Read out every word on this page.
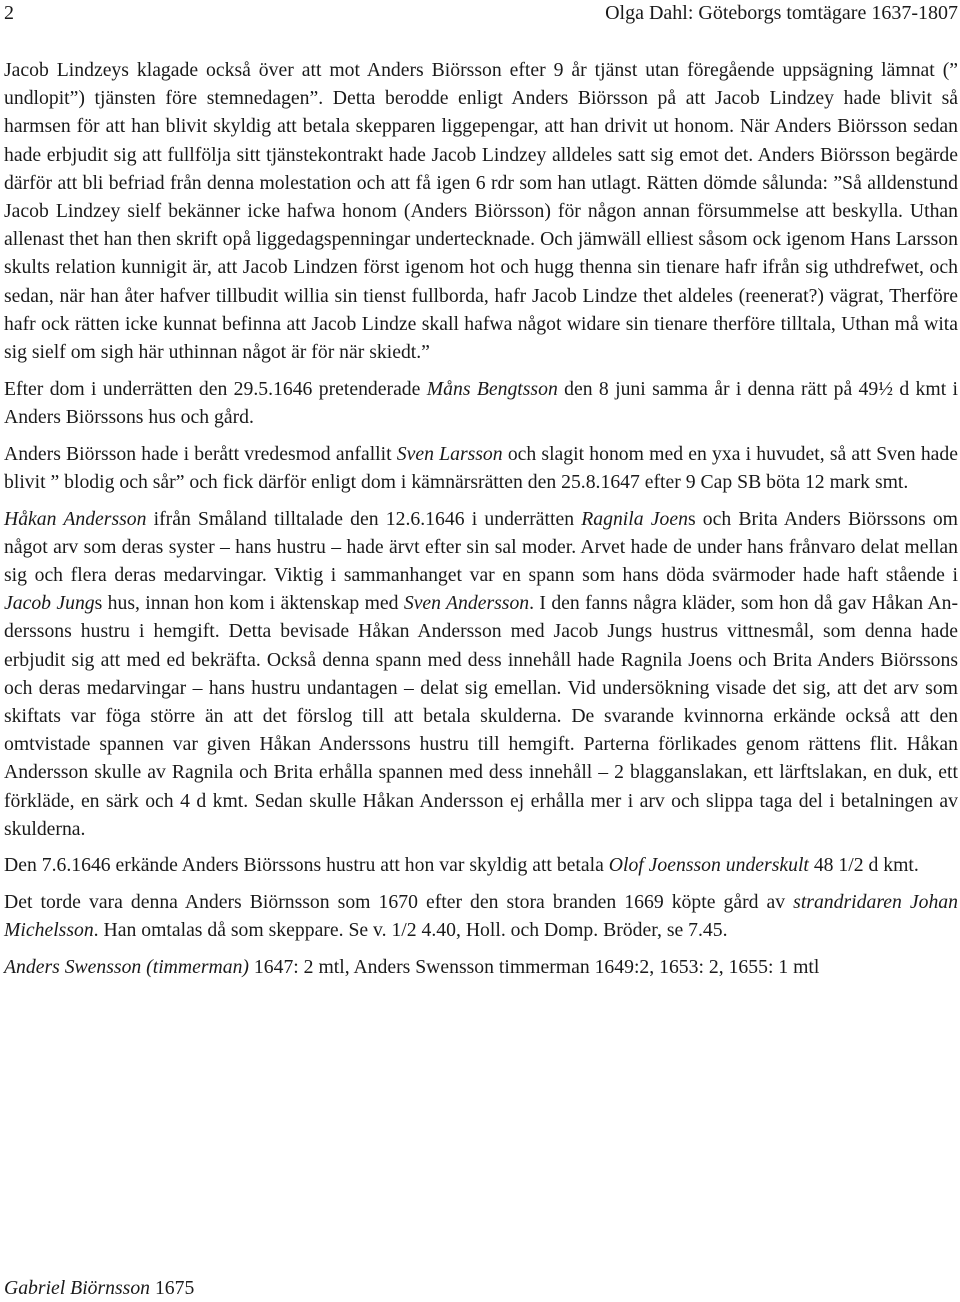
2	Olga Dahl: Göteborgs tomtägare 1637-1807

Jacob Lindzeys klagade också över att mot Anders Biörsson efter 9 år tjänst utan föregående uppsägning lämnat (” undlopit”) tjänsten före stemnedagen”. Detta berodde enligt Anders Biörsson på att Jacob Lindzey hade blivit så harmsen för att han blivit skyldig att betala skepparen liggepengar, att han drivit ut honom. När Anders Biörsson sedan hade erbjudit sig att fullfölja sitt tjänstekontrakt hade Jacob Lindzey alldeles satt sig emot det. Anders Biörsson begärde därför att bli befriad från denna molestation och att få igen 6 rdr som han utlagt. Rätten dömde sålunda: ”Så alldenstund Jacob Lindzey sielf bekänner icke hafwa honom (Anders Biörsson) för någon annan försummelse att beskylla. Uthan allenast thet han then skrift opå liggedagspenningar undertecknade. Och jämwäll elliest såsom ock igenom Hans Larsson skults relation kunnigit är, att Jacob Lindzen först igenom hot och hugg thenna sin tienare hafr ifrån sig uthdrefwet, och sedan, när han åter hafver tillbudit willia sin tienst fullborda, hafr Jacob Lindze thet aldeles (reenerat?) vägrat, Therföre hafr ock rätten icke kunnat befinna att Jacob Lindze skall hafwa något widare sin tienare therföre tilltala, Uthan må wita sig sielf om sigh här uthinnan något är för när skiedt.”

Efter dom i underrätten den 29.5.1646 pretenderade Måns Bengtsson den 8 juni samma år i denna rätt på 49½ d kmt i Anders Biörssons hus och gård.

Anders Biörsson hade i berått vredesmod anfallit Sven Larsson och slagit honom med en yxa i huvudet, så att Sven hade blivit ” blodig och sår” och fick därför enligt dom i kämnärsrätten den 25.8.1647 efter 9 Cap SB böta 12 mark smt.

Håkan Andersson ifrån Småland tilltalade den 12.6.1646 i underrätten Ragnila Joens och Brita Anders Biörssons om något arv som deras syster – hans hustru – hade ärvt efter sin sal moder. Arvet hade de under hans frånvaro delat mellan sig och flera deras medarvingar. Viktig i sammanhanget var en spann som hans döda svärmoder hade haft stående i Jacob Jungs hus, innan hon kom i äktenskap med Sven Andersson. I den fanns några kläder, som hon då gav Håkan Anderssons hustru i hemgift. Detta bevisade Håkan Andersson med Jacob Jungs hustrus vittnesmål, som denna hade erbjudit sig att med ed bekräfta. Också denna spann med dess innehåll hade Ragnila Joens och Brita Anders Biörssons och deras medarvingar – hans hustru undantagen – delat sig emellan. Vid undersökning visade det sig, att det arv som skiftats var föga större än att det förslog till att betala skulderna. De svarande kvinnorna erkände också att den omtvistade spannen var given Håkan Anderssons hustru till hemgift. Parterna förlikades genom rättens flit. Håkan Andersson skulle av Ragnila och Brita erhålla spannen med dess innehåll – 2 blagganslakan, ett lärftslakan, en duk, ett förkläde, en särk och 4 d kmt. Sedan skulle Håkan Andersson ej erhålla mer i arv och slippa taga del i betalningen av skulderna.

Den 7.6.1646 erkände Anders Biörssons hustru att hon var skyldig att betala Olof Joensson underskult 48 1/2 d kmt.

Det torde vara denna Anders Biörnsson som 1670 efter den stora branden 1669 köpte gård av strandridaren Johan Michelsson. Han omtalas då som skeppare. Se v. 1/2 4.40, Holl. och Domp. Bröder, se 7.45.

Anders Swensson (timmerman) 1647: 2 mtl, Anders Swensson timmerman 1649:2, 1653: 2, 1655: 1 mtl

Gabriel Biörnsson 1675
